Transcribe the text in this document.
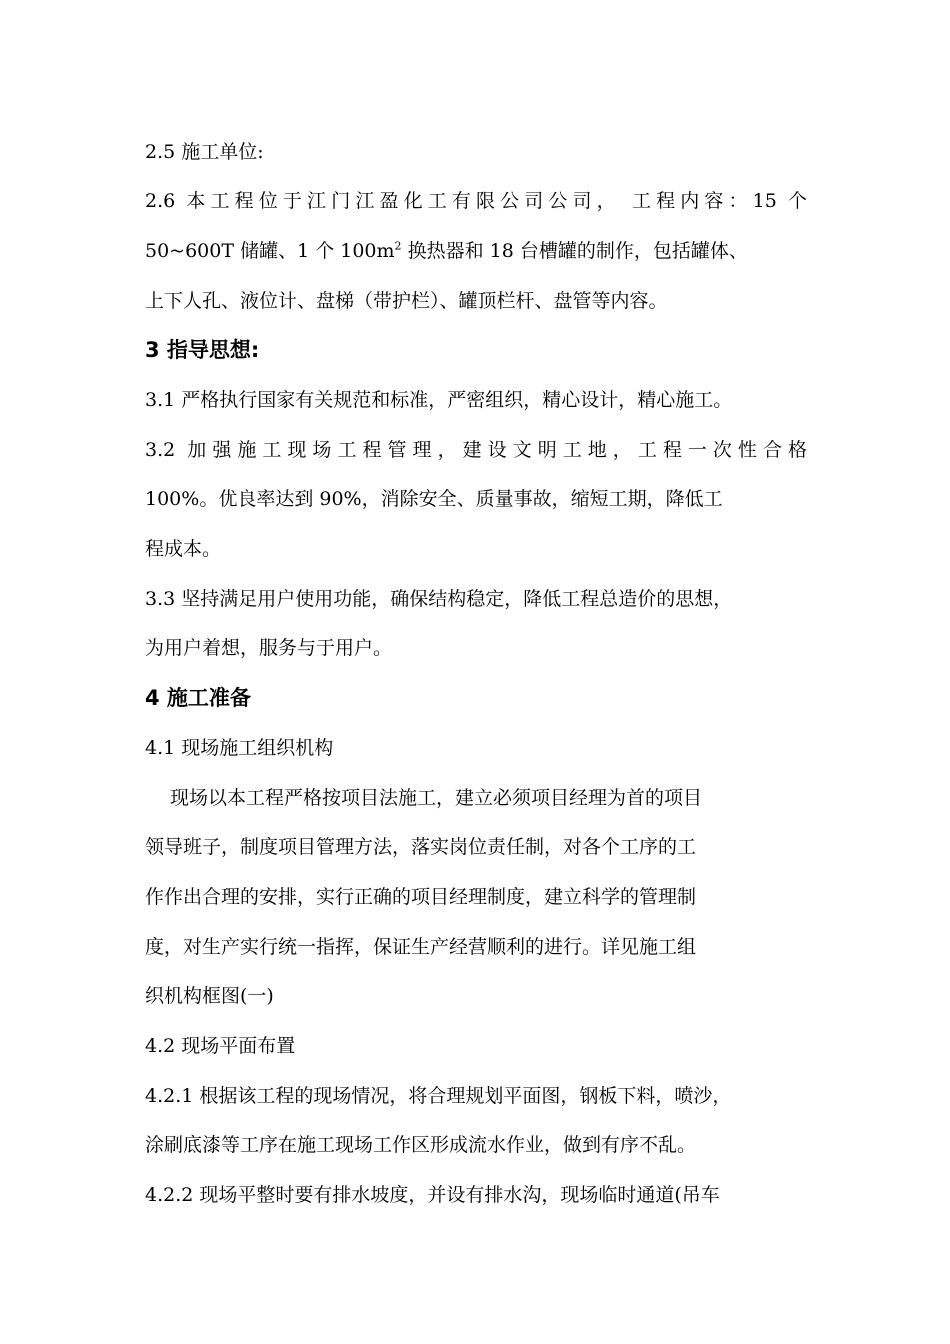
2.5 施工单位:
2.6 本工程位于江门江盈化工有限公司公司， 工程内容：15 个
50~600T 储罐、1 个 $100m^2$ 换热器和 18 台槽罐的制作，包括罐体、
上下人孔、液位计、盘梯（带护栏）、罐顶栏杆、盘管等内容。
3 指导思想:
3.1 严格执行国家有关规范和标准，严密组织，精心设计，精心施工。
3.2 加强施工现场工程管理，建设文明工地，工程一次性合格
100%。优良率达到 90%，消除安全、质量事故，缩短工期，降低工
程成本。
3.3 坚持满足用户使用功能，确保结构稳定，降低工程总造价的思想，
为用户着想，服务与于用户。
4 施工准备
4.1 现场施工组织机构
现场以本工程严格按项目法施工，建立必须项目经理为首的项目
领导班子，制度项目管理方法，落实岗位责任制，对各个工序的工
作作出合理的安排，实行正确的项目经理制度，建立科学的管理制
度，对生产实行统一指挥，保证生产经营顺利的进行。详见施工组
织机构框图(一)
4.2 现场平面布置
4.2.1 根据该工程的现场情况，将合理规划平面图，钢板下料，喷沙，
涂刷底漆等工序在施工现场工作区形成流水作业，做到有序不乱。
4.2.2 现场平整时要有排水坡度，并设有排水沟，现场临时通道(吊车
